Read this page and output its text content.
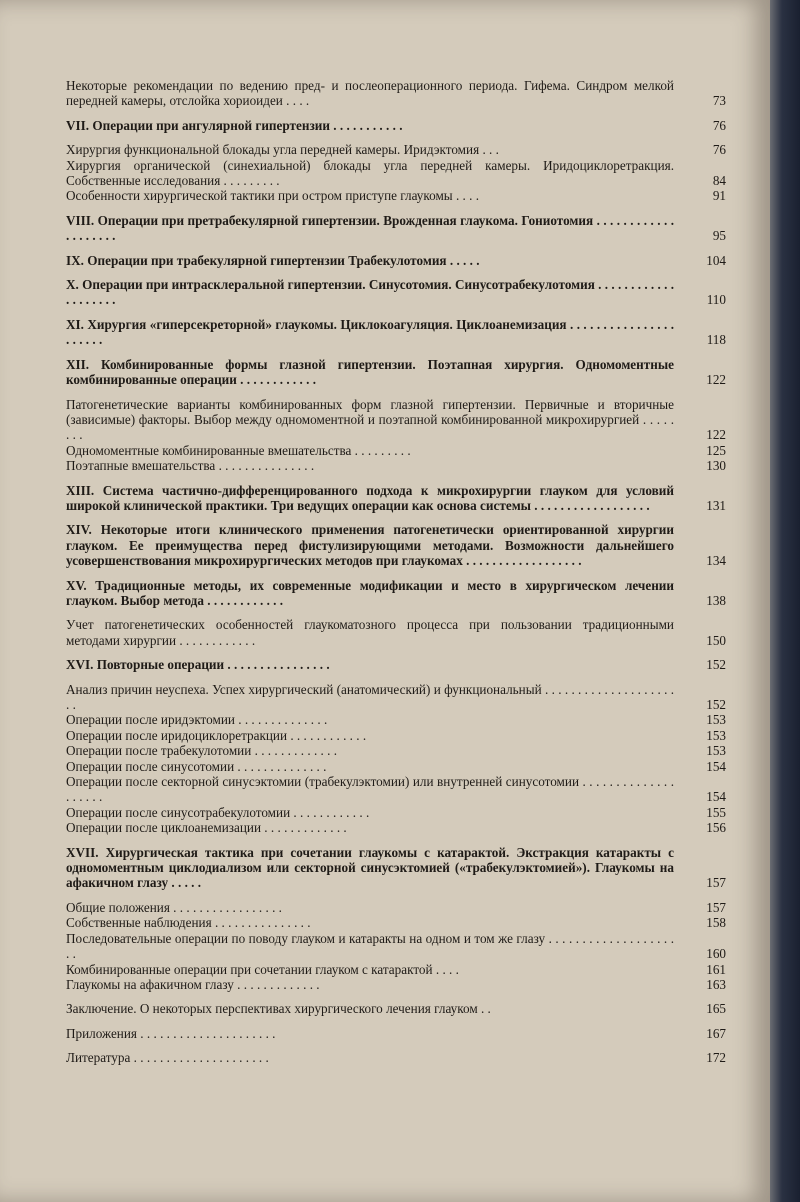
Некоторые рекомендации по ведению пред- и послеоперационного периода. Гифема. Синдром мелкой передней камеры, отслойка хориоидеи . . . .	73
VII. Операции при ангулярной гипертензии . . . . . . . . . . .	76
Хирургия функциональной блокады угла передней камеры. Иридэктомия . . .	76
Хирургия органической (синехиальной) блокады угла передней камеры. Иридоциклоретракция. Собственные исследования . . . . . . . . .	84
Особенности хирургической тактики при остром приступе глаукомы . . . .	91
VIII. Операции при претрабекулярной гипертензии. Врожденная глаукома. Гониотомия . . . . . . . . . . . . . . . . . . . .	95
IX. Операции при трабекулярной гипертензии Трабекулотомия . . . . .	104
X. Операции при интрасклеральной гипертензии. Синусотомия. Синусотрабекулотомия . . . . . . . . . . . . . . . . . . . .	110
XI. Хирургия «гиперсекреторной» глаукомы. Циклокоагуляция. Циклоанемизация . . . . . . . . . . . . . . . . . . . . . .	118
XII. Комбинированные формы глазной гипертензии. Поэтапная хирургия. Одномоментные комбинированные операции . . . . . . . . . . . .	122
Патогенетические варианты комбинированных форм глазной гипертензии. Первичные и вторичные (зависимые) факторы. Выбор между одномоментной и поэтапной комбинированной микрохирургией . . . . . . . .	122
Одномоментные комбинированные вмешательства . . . . . . . . .	125
Поэтапные вмешательства . . . . . . . . . . . . . . .	130
XIII. Система частично-дифференцированного подхода к микрохирургии глауком для условий широкой клинической практики. Три ведущих операции как основа системы . . . . . . . . . . . . . . . . . .	131
XIV. Некоторые итоги клинического применения патогенетически ориентированной хирургии глауком. Ее преимущества перед фистулизирующими методами. Возможности дальнейшего усовершенствования микрохирургических методов при глаукомах . . . . . . . . . . . . . . . . . .	134
XV. Традиционные методы, их современные модификации и место в хирургическом лечении глауком. Выбор метода . . . . . . . . . . . .	138
Учет патогенетических особенностей глаукоматозного процесса при пользовании традиционными методами хирургии . . . . . . . . . . . .	150
XVI. Повторные операции . . . . . . . . . . . . . . . .	152
Анализ причин неуспеха. Успех хирургический (анатомический) и функциональный . . . . . . . . . . . . . . . . . . . . . .	152
Операции после иридэктомии . . . . . . . . . . . . . .	153
Операции после иридоциклоретракции . . . . . . . . . . . .	153
Операции после трабекулотомии . . . . . . . . . . . . .	153
Операции после синусотомии . . . . . . . . . . . . . .	154
Операции после секторной синусэктомии (трабекулэктомии) или внутренней синусотомии . . . . . . . . . . . . . . . . . . . .	154
Операции после синусотрабекулотомии . . . . . . . . . . . .	155
Операции после циклоанемизации . . . . . . . . . . . . .	156
XVII. Хирургическая тактика при сочетании глаукомы с катарактой. Экстракция катаракты с одномоментным циклодиализом или секторной синусэктомией («трабекулэктомией»). Глаукомы на афакичном глазу . . . . .	157
Общие положения . . . . . . . . . . . . . . . . .	157
Собственные наблюдения . . . . . . . . . . . . . . .	158
Последовательные операции по поводу глауком и катаракты на одном и том же глазу . . . . . . . . . . . . . . . . . . . . .	160
Комбинированные операции при сочетании глауком с катарактой . . . .	161
Глаукомы на афакичном глазу . . . . . . . . . . . . .	163
Заключение. О некоторых перспективах хирургического лечения глауком . .	165
Приложения . . . . . . . . . . . . . . . . . . . . .	167
Литература . . . . . . . . . . . . . . . . . . . . .	172
